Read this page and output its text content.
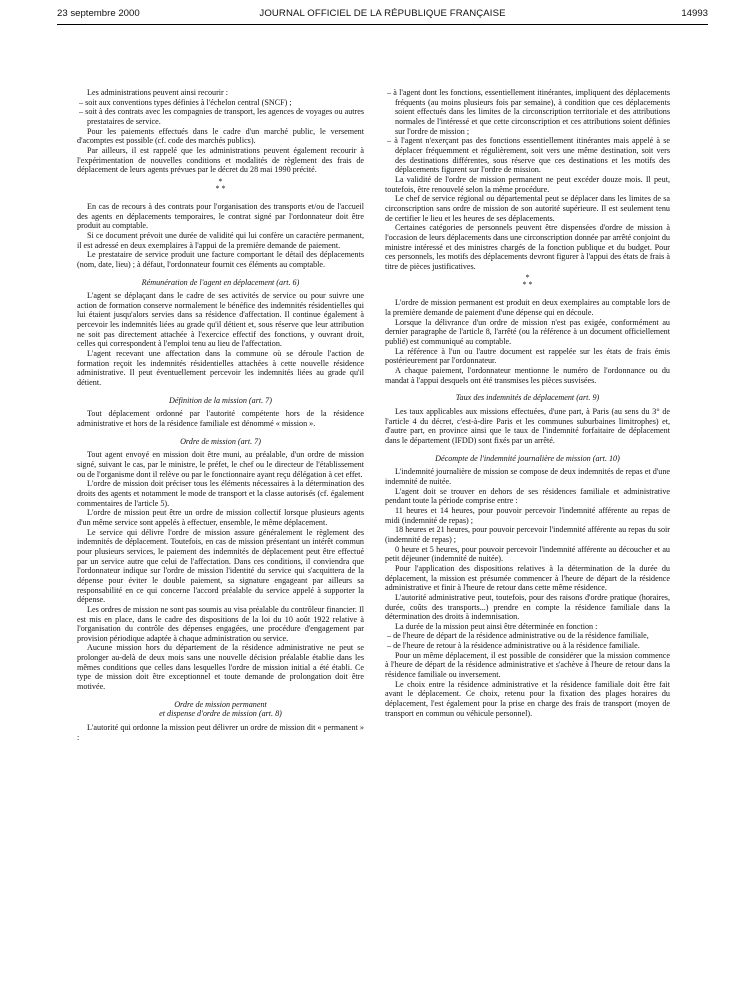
23 septembre 2000	JOURNAL OFFICIEL DE LA RÉPUBLIQUE FRANÇAISE	14993

Les administrations peuvent ainsi recourir :

– soit aux conventions types définies à l'échelon central (SNCF) ;

– soit à des contrats avec les compagnies de transport, les agences de voyages ou autres prestataires de service.

Pour les paiements effectués dans le cadre d'un marché public, le versement d'acomptes est possible (cf. code des marchés publics).

Par ailleurs, il est rappelé que les administrations peuvent également recourir à l'expérimentation de nouvelles conditions et modalités de règlement des frais de déplacement de leurs agents prévues par le décret du 28 mai 1990 précité.

*
* *

En cas de recours à des contrats pour l'organisation des transports et/ou de l'accueil des agents en déplacements temporaires, le contrat signé par l'ordonnateur doit être produit au comptable.

Si ce document prévoit une durée de validité qui lui confère un caractère permanent, il est adressé en deux exemplaires à l'appui de la première demande de paiement.

Le prestataire de service produit une facture comportant le détail des déplacements (nom, date, lieu) ; à défaut, l'ordonnateur fournit ces éléments au comptable.

Rémunération de l'agent en déplacement (art. 6)

L'agent se déplaçant dans le cadre de ses activités de service ou pour suivre une action de formation conserve normalement le bénéfice des indemnités résidentielles qui lui étaient jusqu'alors servies dans sa résidence d'affectation. Il continue également à percevoir les indemnités liées au grade qu'il détient et, sous réserve que leur attribution ne soit pas directement attachée à l'exercice effectif des fonctions, y ouvrant droit, celles qui correspondent à l'emploi tenu au lieu de l'affectation.

L'agent recevant une affectation dans la commune où se déroule l'action de formation reçoit les indemnités résidentielles attachées à cette nouvelle résidence administrative. Il peut éventuellement percevoir les indemnités liées au grade qu'il détient.

Définition de la mission (art. 7)

Tout déplacement ordonné par l'autorité compétente hors de la résidence administrative et hors de la résidence familiale est dénommé « mission ».

Ordre de mission (art. 7)

Tout agent envoyé en mission doit être muni, au préalable, d'un ordre de mission signé, suivant le cas, par le ministre, le préfet, le chef ou le directeur de l'établissement ou de l'organisme dont il relève ou par le fonctionnaire ayant reçu délégation à cet effet.

L'ordre de mission doit préciser tous les éléments nécessaires à la détermination des droits des agents et notamment le mode de transport et la classe autorisés (cf. également commentaires de l'article 5).

L'ordre de mission peut être un ordre de mission collectif lorsque plusieurs agents d'un même service sont appelés à effectuer, ensemble, le même déplacement.

Le service qui délivre l'ordre de mission assure généralement le règlement des indemnités de déplacement. Toutefois, en cas de mission présentant un intérêt commun pour plusieurs services, le paiement des indemnités de déplacement peut être effectué par un service autre que celui de l'affectation. Dans ces conditions, il conviendra que l'ordonnateur indique sur l'ordre de mission l'identité du service qui s'acquittera de la dépense pour éviter le double paiement, sa signature engageant par ailleurs sa responsabilité en ce qui concerne l'accord préalable du service appelé à supporter la dépense.

Les ordres de mission ne sont pas soumis au visa préalable du contrôleur financier. Il est mis en place, dans le cadre des dispositions de la loi du 10 août 1922 relative à l'organisation du contrôle des dépenses engagées, une procédure d'engagement par provision périodique adaptée à chaque administration ou service.

Aucune mission hors du département de la résidence administrative ne peut se prolonger au-delà de deux mois sans une nouvelle décision préalable établie dans les mêmes conditions que celles dans lesquelles l'ordre de mission initial a été établi. Ce type de mission doit être exceptionnel et toute demande de prolongation doit être motivée.

Ordre de mission permanent
et dispense d'ordre de mission (art. 8)

L'autorité qui ordonne la mission peut délivrer un ordre de mission dit « permanent » :

– à l'agent dont les fonctions, essentiellement itinérantes, impliquent des déplacements fréquents (au moins plusieurs fois par semaine), à condition que ces déplacements soient effectués dans les limites de la circonscription territoriale et des attributions normales de l'intéressé et que cette circonscription et ces attributions soient définies sur l'ordre de mission ;

– à l'agent n'exerçant pas des fonctions essentiellement itinérantes mais appelé à se déplacer fréquemment et régulièrement, soit vers une même destination, soit vers des destinations différentes, sous réserve que ces destinations et les motifs des déplacements figurent sur l'ordre de mission.

La validité de l'ordre de mission permanent ne peut excéder douze mois. Il peut, toutefois, être renouvelé selon la même procédure.

Le chef de service régional ou départemental peut se déplacer dans les limites de sa circonscription sans ordre de mission de son autorité supérieure. Il est seulement tenu de certifier le lieu et les heures de ses déplacements.

Certaines catégories de personnels peuvent être dispensées d'ordre de mission à l'occasion de leurs déplacements dans une circonscription donnée par arrêté conjoint du ministre intéressé et des ministres chargés de la fonction publique et du budget. Pour ces personnels, les motifs des déplacements devront figurer à l'appui des états de frais à titre de pièces justificatives.

*
* *

L'ordre de mission permanent est produit en deux exemplaires au comptable lors de la première demande de paiement d'une dépense qui en découle.

Lorsque la délivrance d'un ordre de mission n'est pas exigée, conformément au dernier paragraphe de l'article 8, l'arrêté (ou la référence à un document officiellement publié) est communiqué au comptable.

La référence à l'un ou l'autre document est rappelée sur les états de frais émis postérieurement par l'ordonnateur.

A chaque paiement, l'ordonnateur mentionne le numéro de l'ordonnance ou du mandat à l'appui desquels ont été transmises les pièces susvisées.

Taux des indemnités de déplacement (art. 9)

Les taux applicables aux missions effectuées, d'une part, à Paris (au sens du 3° de l'article 4 du décret, c'est-à-dire Paris et les communes suburbaines limitrophes) et, d'autre part, en province ainsi que le taux de l'indemnité forfaitaire de déplacement dans le département (IFDD) sont fixés par un arrêté.

Décompte de l'indemnité journalière de mission (art. 10)

L'indemnité journalière de mission se compose de deux indemnités de repas et d'une indemnité de nuitée.

L'agent doit se trouver en dehors de ses résidences familiale et administrative pendant toute la période comprise entre :

11 heures et 14 heures, pour pouvoir percevoir l'indemnité afférente au repas de midi (indemnité de repas) ;

18 heures et 21 heures, pour pouvoir percevoir l'indemnité afférente au repas du soir (indemnité de repas) ;

0 heure et 5 heures, pour pouvoir percevoir l'indemnité afférente au découcher et au petit déjeuner (indemnité de nuitée).

Pour l'application des dispositions relatives à la détermination de la durée du déplacement, la mission est présumée commencer à l'heure de départ de la résidence administrative et finir à l'heure de retour dans cette même résidence.

L'autorité administrative peut, toutefois, pour des raisons d'ordre pratique (horaires, durée, coûts des transports...) prendre en compte la résidence familiale dans la détermination des droits à indemnisation.

La durée de la mission peut ainsi être déterminée en fonction :

– de l'heure de départ de la résidence administrative ou de la résidence familiale,

– de l'heure de retour à la résidence administrative ou à la résidence familiale.

Pour un même déplacement, il est possible de considérer que la mission commence à l'heure de départ de la résidence administrative et s'achève à l'heure de retour dans la résidence familiale ou inversement.

Le choix entre la résidence administrative et la résidence familiale doit être fait avant le déplacement. Ce choix, retenu pour la fixation des plages horaires du déplacement, l'est également pour la prise en charge des frais de transport (moyen de transport en commun ou véhicule personnel).
